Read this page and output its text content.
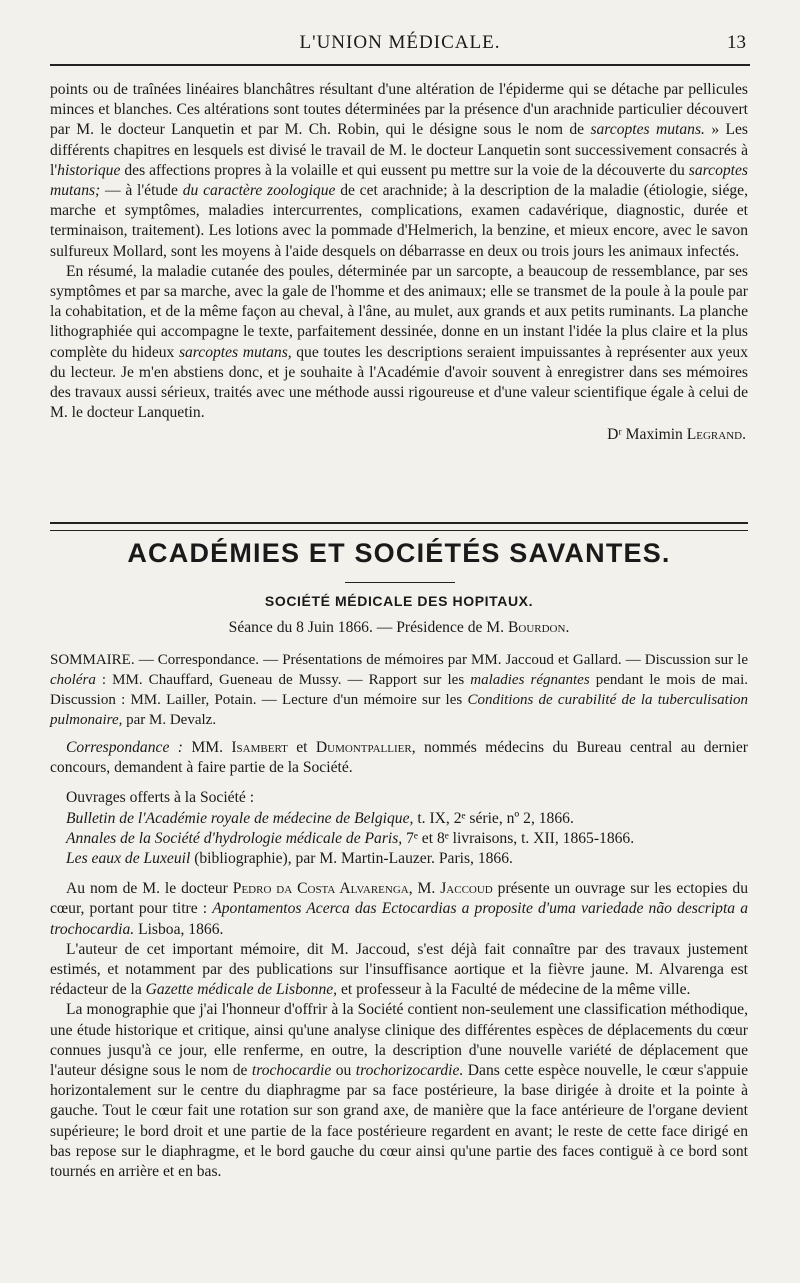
L'UNION MÉDICALE.	13

points ou de traînées linéaires blanchâtres résultant d'une altération de l'épiderme qui se détache par pellicules minces et blanches. Ces altérations sont toutes déterminées par la présence d'un arachnide particulier découvert par M. le docteur Lanquetin et par M. Ch. Robin, qui le désigne sous le nom de sarcoptes mutans. » Les différents chapitres en lesquels est divisé le travail de M. le docteur Lanquetin sont successivement consacrés à l'historique des affections propres à la volaille et qui eussent pu mettre sur la voie de la découverte du sarcoptes mutans; — à l'étude du caractère zoologique de cet arachnide; à la description de la maladie (étiologie, siége, marche et symptômes, maladies intercurrentes, complications, examen cadavérique, diagnostic, durée et terminaison, traitement). Les lotions avec la pommade d'Helmerich, la benzine, et mieux encore, avec le savon sulfureux Mollard, sont les moyens à l'aide desquels on débarrasse en deux ou trois jours les animaux infectés.

En résumé, la maladie cutanée des poules, déterminée par un sarcopte, a beaucoup de ressemblance, par ses symptômes et par sa marche, avec la gale de l'homme et des animaux; elle se transmet de la poule à la poule par la cohabitation, et de la même façon au cheval, à l'âne, au mulet, aux grands et aux petits ruminants. La planche lithographiée qui accompagne le texte, parfaitement dessinée, donne en un instant l'idée la plus claire et la plus complète du hideux sarcoptes mutans, que toutes les descriptions seraient impuissantes à représenter aux yeux du lecteur. Je m'en abstiens donc, et je souhaite à l'Académie d'avoir souvent à enregistrer dans ses mémoires des travaux aussi sérieux, traités avec une méthode aussi rigoureuse et d'une valeur scientifique égale à celui de M. le docteur Lanquetin.

Dʳ Maximin Legrand.
ACADÉMIES ET SOCIÉTÉS SAVANTES.
SOCIÉTÉ MÉDICALE DES HOPITAUX.
Séance du 8 Juin 1866. — Présidence de M. Bourdon.

SOMMAIRE. — Correspondance. — Présentations de mémoires par MM. Jaccoud et Gallard. — Discussion sur le choléra : MM. Chauffard, Gueneau de Mussy. — Rapport sur les maladies régnantes pendant le mois de mai. Discussion : MM. Lailler, Potain. — Lecture d'un mémoire sur les Conditions de curabilité de la tuberculisation pulmonaire, par M. Devalz.

Correspondance : MM. Isambert et Dumontpallier, nommés médecins du Bureau central au dernier concours, demandent à faire partie de la Société.

Ouvrages offerts à la Société :

Bulletin de l'Académie royale de médecine de Belgique, t. IX, 2ᵉ série, nº 2, 1866.

Annales de la Société d'hydrologie médicale de Paris, 7ᵉ et 8ᵉ livraisons, t. XII, 1865-1866.

Les eaux de Luxeuil (bibliographie), par M. Martin-Lauzer. Paris, 1866.

Au nom de M. le docteur Pedro da Costa Alvarenga, M. Jaccoud présente un ouvrage sur les ectopies du cœur, portant pour titre : Apontamentos Acerca das Ectocardias a proposite d'uma variedade não descripta a trochocardia. Lisboa, 1866.

L'auteur de cet important mémoire, dit M. Jaccoud, s'est déjà fait connaître par des travaux justement estimés, et notamment par des publications sur l'insuffisance aortique et la fièvre jaune. M. Alvarenga est rédacteur de la Gazette médicale de Lisbonne, et professeur à la Faculté de médecine de la même ville.

La monographie que j'ai l'honneur d'offrir à la Société contient non-seulement une classification méthodique, une étude historique et critique, ainsi qu'une analyse clinique des différentes espèces de déplacements du cœur connues jusqu'à ce jour, elle renferme, en outre, la description d'une nouvelle variété de déplacement que l'auteur désigne sous le nom de trochocardie ou trochorizocardie. Dans cette espèce nouvelle, le cœur s'appuie horizontalement sur le centre du diaphragme par sa face postérieure, la base dirigée à droite et la pointe à gauche. Tout le cœur fait une rotation sur son grand axe, de manière que la face antérieure de l'organe devient supérieure; le bord droit et une partie de la face postérieure regardent en avant; le reste de cette face dirigé en bas repose sur le diaphragme, et le bord gauche du cœur ainsi qu'une partie des faces contiguë à ce bord sont tournés en arrière et en bas.
